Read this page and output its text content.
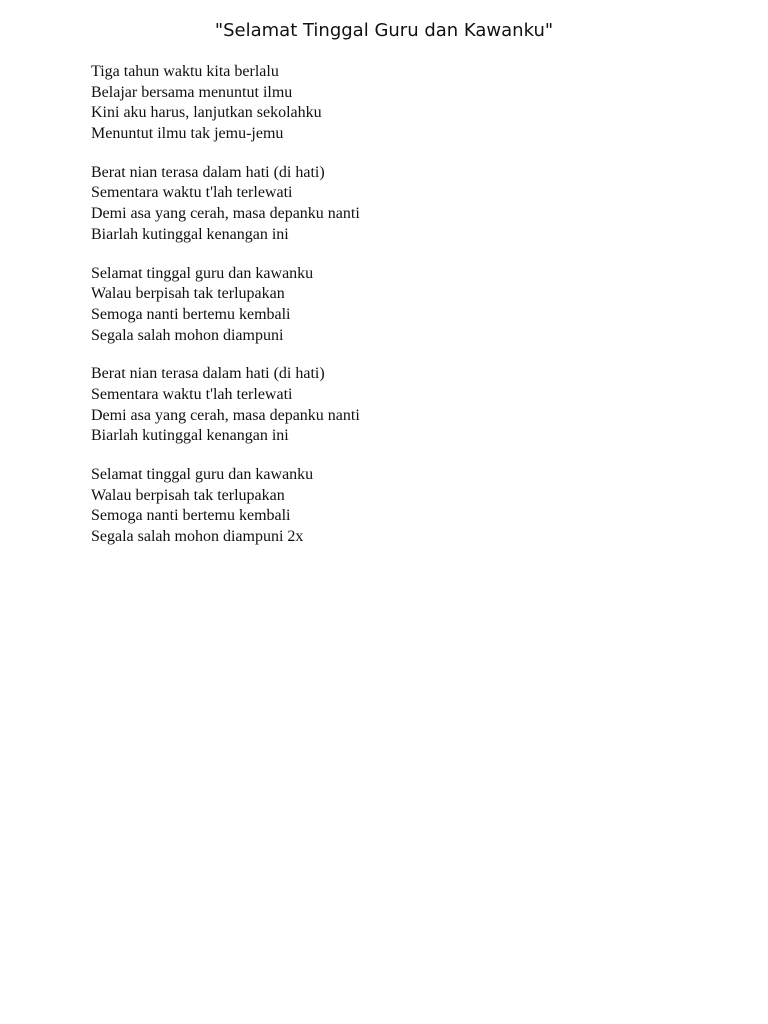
"Selamat Tinggal Guru dan Kawanku"
Tiga tahun waktu kita berlalu
Belajar bersama menuntut ilmu
Kini aku harus, lanjutkan sekolahku
Menuntut ilmu tak jemu-jemu
Berat nian terasa dalam hati (di hati)
Sementara waktu t'lah terlewati
Demi asa yang cerah, masa depanku nanti
Biarlah kutinggal kenangan ini
Selamat tinggal guru dan kawanku
Walau berpisah tak terlupakan
Semoga nanti bertemu kembali
Segala salah mohon diampuni
Berat nian terasa dalam hati (di hati)
Sementara waktu t'lah terlewati
Demi asa yang cerah, masa depanku nanti
Biarlah kutinggal kenangan ini
Selamat tinggal guru dan kawanku
Walau berpisah tak terlupakan
Semoga nanti bertemu kembali
Segala salah mohon diampuni 2x
